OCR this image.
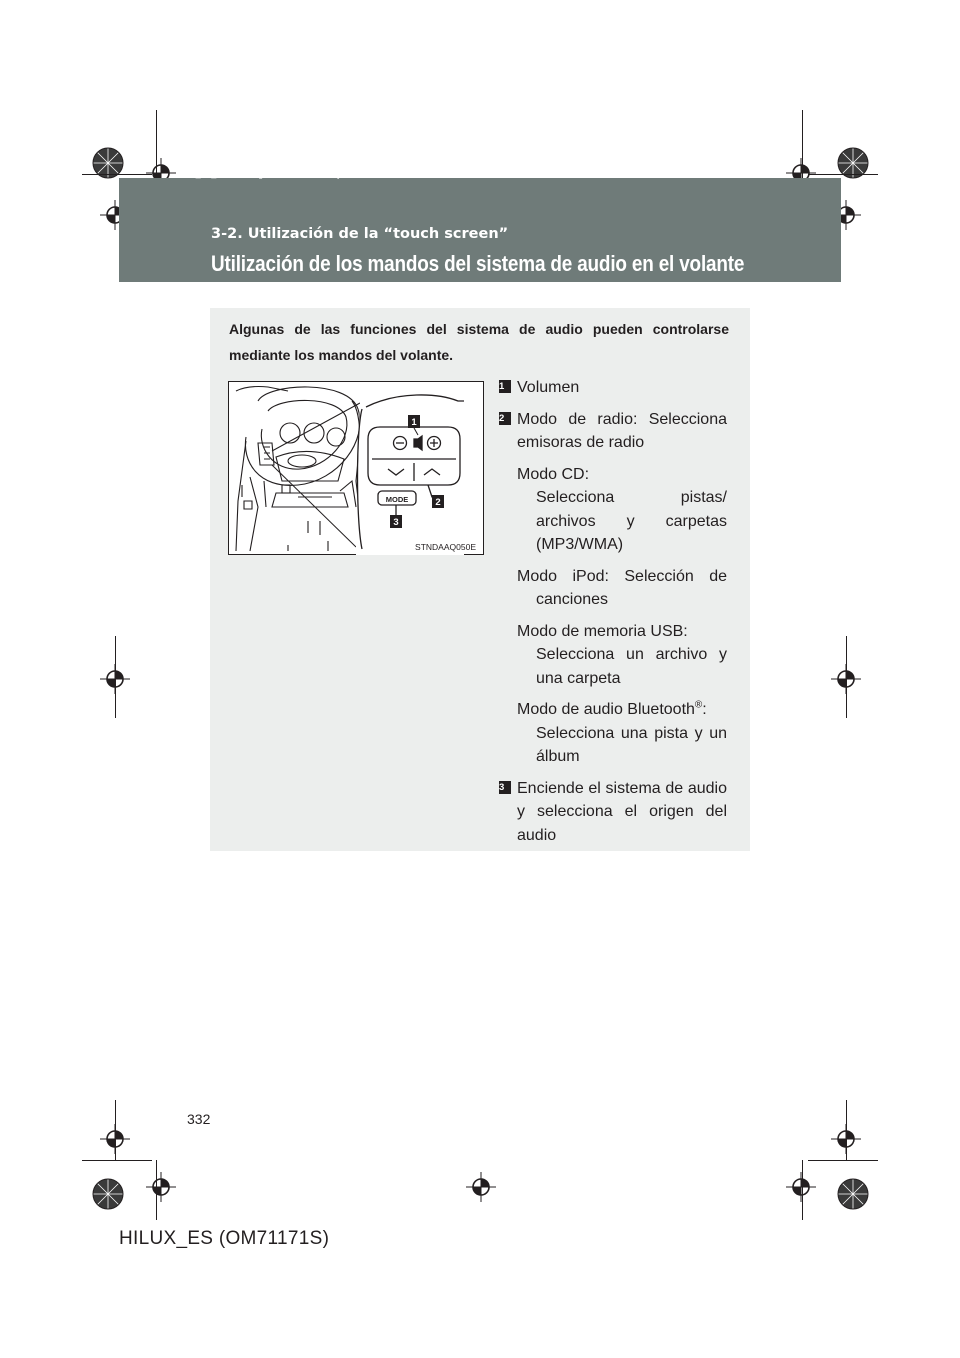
sec_03_02.fm Page 332 Wednesday, March 30, 2011 6:53 PM
3-2. Utilización de la “touch screen”
Utilización de los mandos del sistema de audio en el volante
Algunas de las funciones del sistema de audio pueden controlarse mediante los mandos del volante.
MODE
1
2
3
STNDAAQ050E
1 Volumen
2 Modo de radio: Selecciona emisoras de radio
Modo CD:
Selecciona pistas/ archivos y carpetas (MP3/WMA)
Modo iPod: Selección de
canciones
Modo de memoria USB:
Selecciona un archivo y una carpeta
Modo de audio Bluetooth®:
Selecciona una pista y un álbum
3 Enciende el sistema de audio y selecciona el origen del audio
332
HILUX_ES (OM71171S)
